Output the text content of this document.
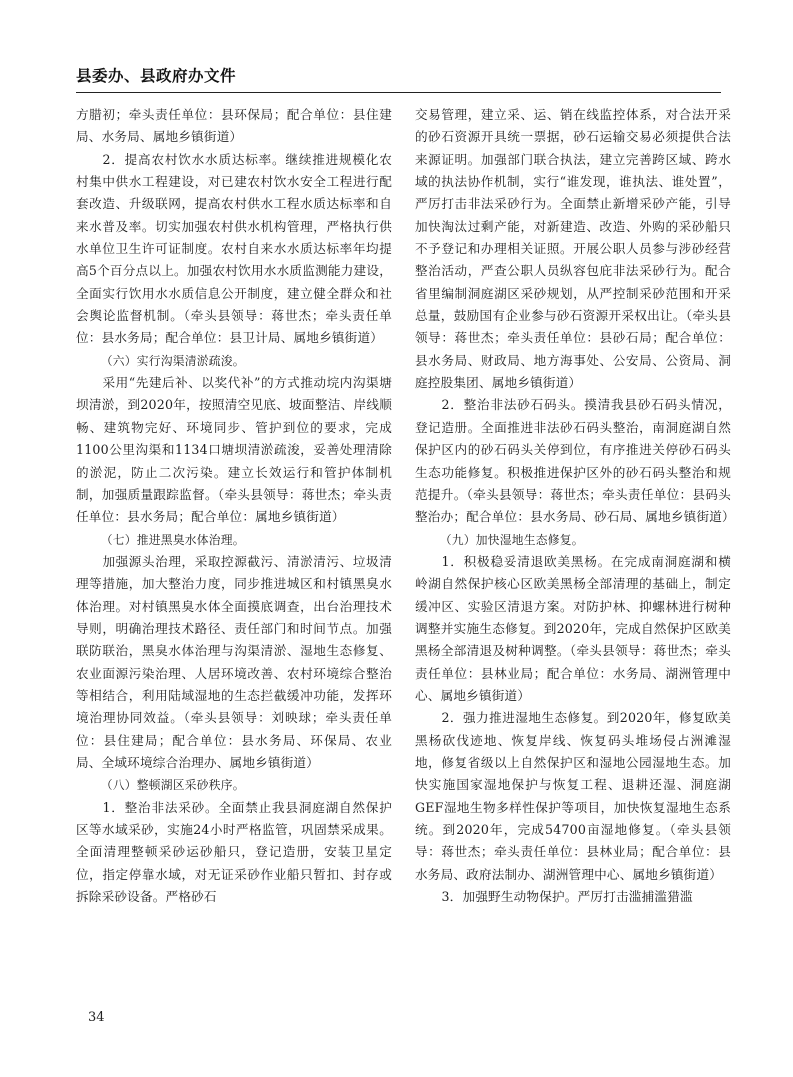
县委办、县政府办文件

方腊初；牵头责任单位：县环保局；配合单位：县住建局、水务局、属地乡镇街道）

2．提高农村饮水水质达标率。继续推进规模化农村集中供水工程建设，对已建农村饮水安全工程进行配套改造、升级联网，提高农村供水工程水质达标率和自来水普及率。切实加强农村供水机构管理，严格执行供水单位卫生许可证制度。农村自来水水质达标率年均提高5个百分点以上。加强农村饮用水水质监测能力建设，全面实行饮用水水质信息公开制度，建立健全群众和社会舆论监督机制。（牵头县领导：蒋世杰；牵头责任单位：县水务局；配合单位：县卫计局、属地乡镇街道）

（六）实行沟渠清淤疏浚。

采用“先建后补、以奖代补”的方式推动垸内沟渠塘坝清淤，到2020年，按照清空见底、坡面整洁、岸线顺畅、建筑物完好、环境同步、管护到位的要求，完成1100公里沟渠和1134口塘坝清淤疏浚，妥善处理清除的淤泥，防止二次污染。建立长效运行和管护体制机制，加强质量跟踪监督。（牵头县领导：蒋世杰；牵头责任单位：县水务局；配合单位：属地乡镇街道）

（七）推进黑臭水体治理。

加强源头治理，采取控源截污、清淤清污、垃圾清理等措施，加大整治力度，同步推进城区和村镇黑臭水体治理。对村镇黑臭水体全面摸底调查，出台治理技术导则，明确治理技术路径、责任部门和时间节点。加强联防联治，黑臭水体治理与沟渠清淤、湿地生态修复、农业面源污染治理、人居环境改善、农村环境综合整治等相结合，利用陆域湿地的生态拦截缓冲功能，发挥环境治理协同效益。（牵头县领导：刘映球；牵头责任单位：县住建局；配合单位：县水务局、环保局、农业局、全域环境综合治理办、属地乡镇街道）

（八）整顿湖区采砂秩序。

1．整治非法采砂。全面禁止我县洞庭湖自然保护区等水域采砂，实施24小时严格监管，巩固禁采成果。全面清理整顿采砂运砂船只，登记造册，安装卫星定位，指定停靠水域，对无证采砂作业船只暂扣、封存或拆除采砂设备。严格砂石

交易管理，建立采、运、销在线监控体系，对合法开采的砂石资源开具统一票据，砂石运输交易必须提供合法来源证明。加强部门联合执法，建立完善跨区域、跨水域的执法协作机制，实行“谁发现，谁执法、谁处置”，严厉打击非法采砂行为。全面禁止新增采砂产能，引导加快淘汰过剩产能，对新建造、改造、外购的采砂船只不予登记和办理相关证照。开展公职人员参与涉砂经营整治活动，严查公职人员纵容包庇非法采砂行为。配合省里编制洞庭湖区采砂规划，从严控制采砂范围和开采总量，鼓励国有企业参与砂石资源开采权出让。（牵头县领导：蒋世杰；牵头责任单位：县砂石局；配合单位：县水务局、财政局、地方海事处、公安局、公资局、洞庭控股集团、属地乡镇街道）

2．整治非法砂石码头。摸清我县砂石码头情况，登记造册。全面推进非法砂石码头整治，南洞庭湖自然保护区内的砂石码头关停到位，有序推进关停砂石码头生态功能修复。积极推进保护区外的砂石码头整治和规范提升。（牵头县领导：蒋世杰；牵头责任单位：县码头整治办；配合单位：县水务局、砂石局、属地乡镇街道）

（九）加快湿地生态修复。

1．积极稳妥清退欧美黑杨。在完成南洞庭湖和横岭湖自然保护核心区欧美黑杨全部清理的基础上，制定缓冲区、实验区清退方案。对防护林、抑螺林进行树种调整并实施生态修复。到2020年，完成自然保护区欧美黑杨全部清退及树种调整。（牵头县领导：蒋世杰；牵头责任单位：县林业局；配合单位：水务局、湖洲管理中心、属地乡镇街道）

2．强力推进湿地生态修复。到2020年，修复欧美黑杨砍伐迹地、恢复岸线、恢复码头堆场侵占洲滩湿地，修复省级以上自然保护区和湿地公园湿地生态。加快实施国家湿地保护与恢复工程、退耕还湿、洞庭湖GEF湿地生物多样性保护等项目，加快恢复湿地生态系统。到2020年，完成54700亩湿地修复。（牵头县领导：蒋世杰；牵头责任单位：县林业局；配合单位：县水务局、政府法制办、湖洲管理中心、属地乡镇街道）

3．加强野生动物保护。严厉打击滥捕滥猎滥

34
